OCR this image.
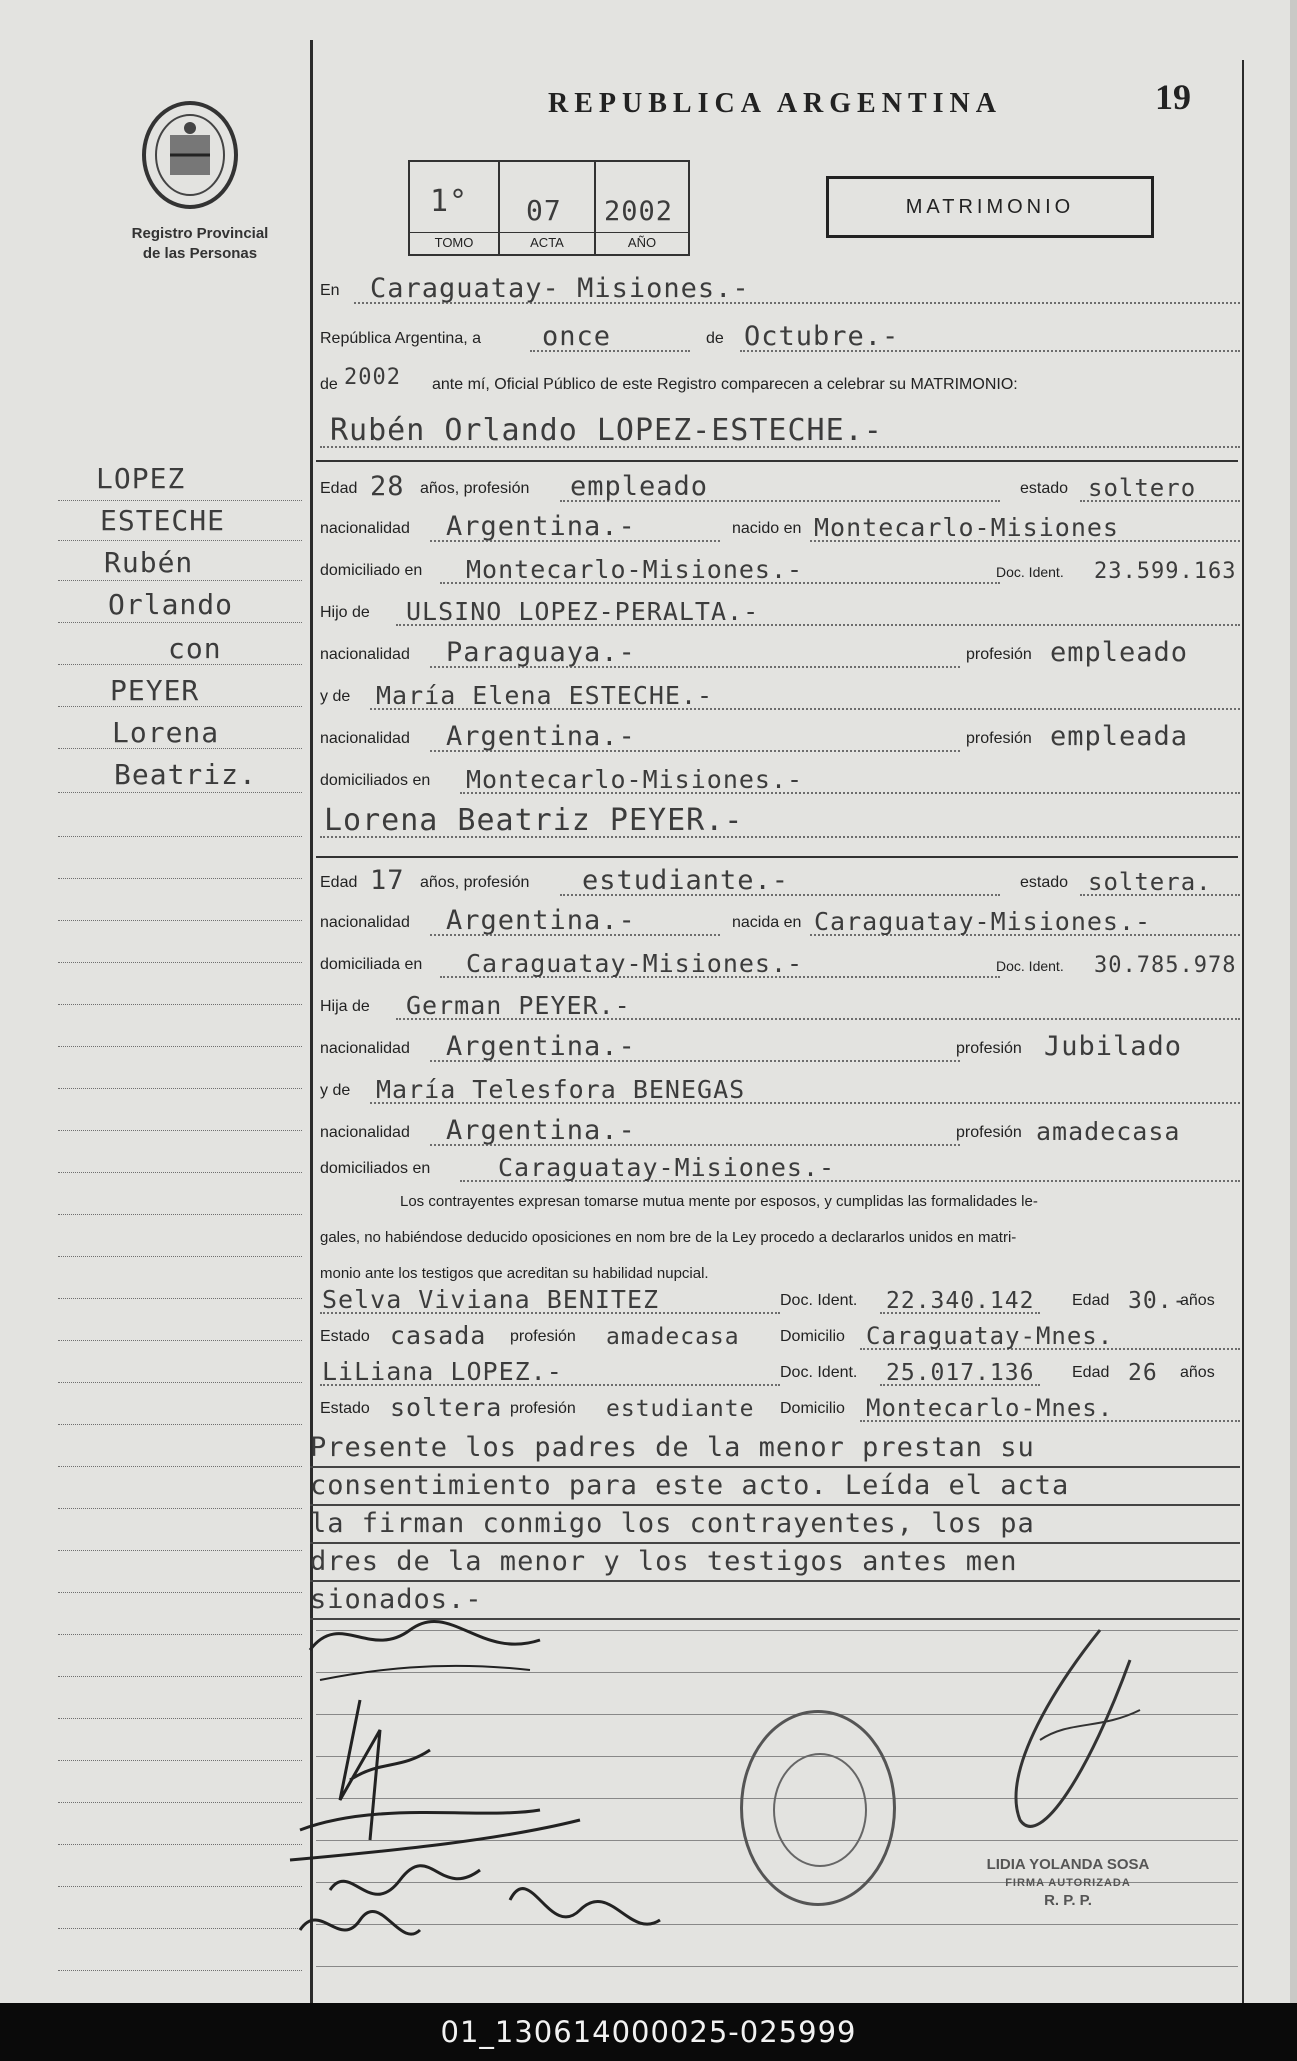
Registro Provincial
de las Personas
REPUBLICA ARGENTINA	19
1°
TOMO
07
ACTA
2002
AÑO
MATRIMONIO
LOPEZ
ESTECHE
Rubén
Orlando
con
PEYER
Lorena
Beatriz.
En Caraguatay- Misiones.-
República Argentina, a once	de Octubre.-
de 2002 ante mí, Oficial Público de este Registro comparecen a celebrar su MATRIMONIO:
Rubén Orlando LOPEZ-ESTECHE.-
Edad 28 años, profesión empleado	estado soltero
nacionalidad Argentina.-	nacido en Montecarlo-Misiones
domiciliado en Montecarlo-Misiones.-	Doc. Ident. 23.599.163
Hijo de ULSINO LOPEZ-PERALTA.-
nacionalidad Paraguaya.-	profesión empleado
y de María Elena ESTECHE.-
nacionalidad Argentina.-	profesión empleada
domiciliados en Montecarlo-Misiones.-
Lorena Beatriz PEYER.-
Edad 17 años, profesión estudiante.-	estado soltera.
nacionalidad Argentina.-	nacida en Caraguatay-Misiones.-
domiciliada en Caraguatay-Misiones.-	Doc. Ident. 30.785.978
Hija de German PEYER.-
nacionalidad Argentina.-	profesión Jubilado
y de María Telesfora BENEGAS
nacionalidad Argentina.-	profesión amadecasa
domiciliados en	Caraguatay-Misiones.-
Los contrayentes expresan tomarse mutua mente por esposos, y cumplidas las formalidades le-
gales, no habiéndose deducido oposiciones en nom bre de la Ley procedo a declararlos unidos en matri-
monio ante los testigos que acreditan su habilidad nupcial.
Selva Viviana BENITEZ	Doc. Ident. 22.340.142 Edad 30.-
años
Estado casada profesión amadecasa	Domicilio Caraguatay-Mnes.
LiLiana LOPEZ.-	Doc. Ident. 25.017.136 Edad 26 años
Estado soltera profesión estudiante Domicilio Montecarlo-Mnes.
Presente los padres de la menor prestan su
consentimiento para este acto. Leída el acta
la firman conmigo los contrayentes, los pa
dres de la menor y los testigos antes men
sionados.-
LIDIA YOLANDA SOSA
FIRMA AUTORIZADA
R. P. P.
01_130614000025-025999
